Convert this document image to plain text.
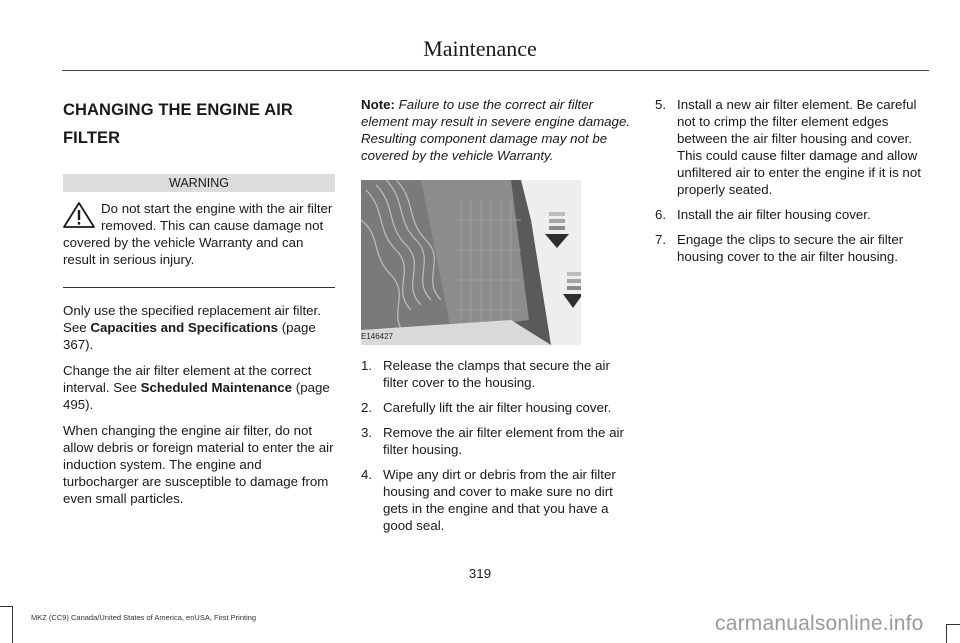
Maintenance
CHANGING THE ENGINE AIR
FILTER
WARNING

Do not start the engine with the air filter removed. This can cause damage not covered by the vehicle Warranty and can result in serious injury.

Only use the specified replacement air filter. See Capacities and Specifications (page 367).

Change the air filter element at the correct interval. See Scheduled Maintenance (page 495).

When changing the engine air filter, do not allow debris or foreign material to enter the air induction system. The engine and turbocharger are susceptible to damage from even small particles.

Note: Failure to use the correct air filter element may result in severe engine damage. Resulting component damage may not be covered by the vehicle Warranty.

E146427
1. Release the clamps that secure the air filter cover to the housing.
2. Carefully lift the air filter housing cover.
3. Remove the air filter element from the air filter housing.
4. Wipe any dirt or debris from the air filter housing and cover to make sure no dirt gets in the engine and that you have a good seal.
5. Install a new air filter element. Be careful not to crimp the filter element edges between the air filter housing and cover. This could cause filter damage and allow unfiltered air to enter the engine if it is not properly seated.
6. Install the air filter housing cover.
7. Engage the clips to secure the air filter housing cover to the air filter housing.
319
MKZ (CC9) Canada/United States of America, enUSA, First Printing	carmanualsonline.info
